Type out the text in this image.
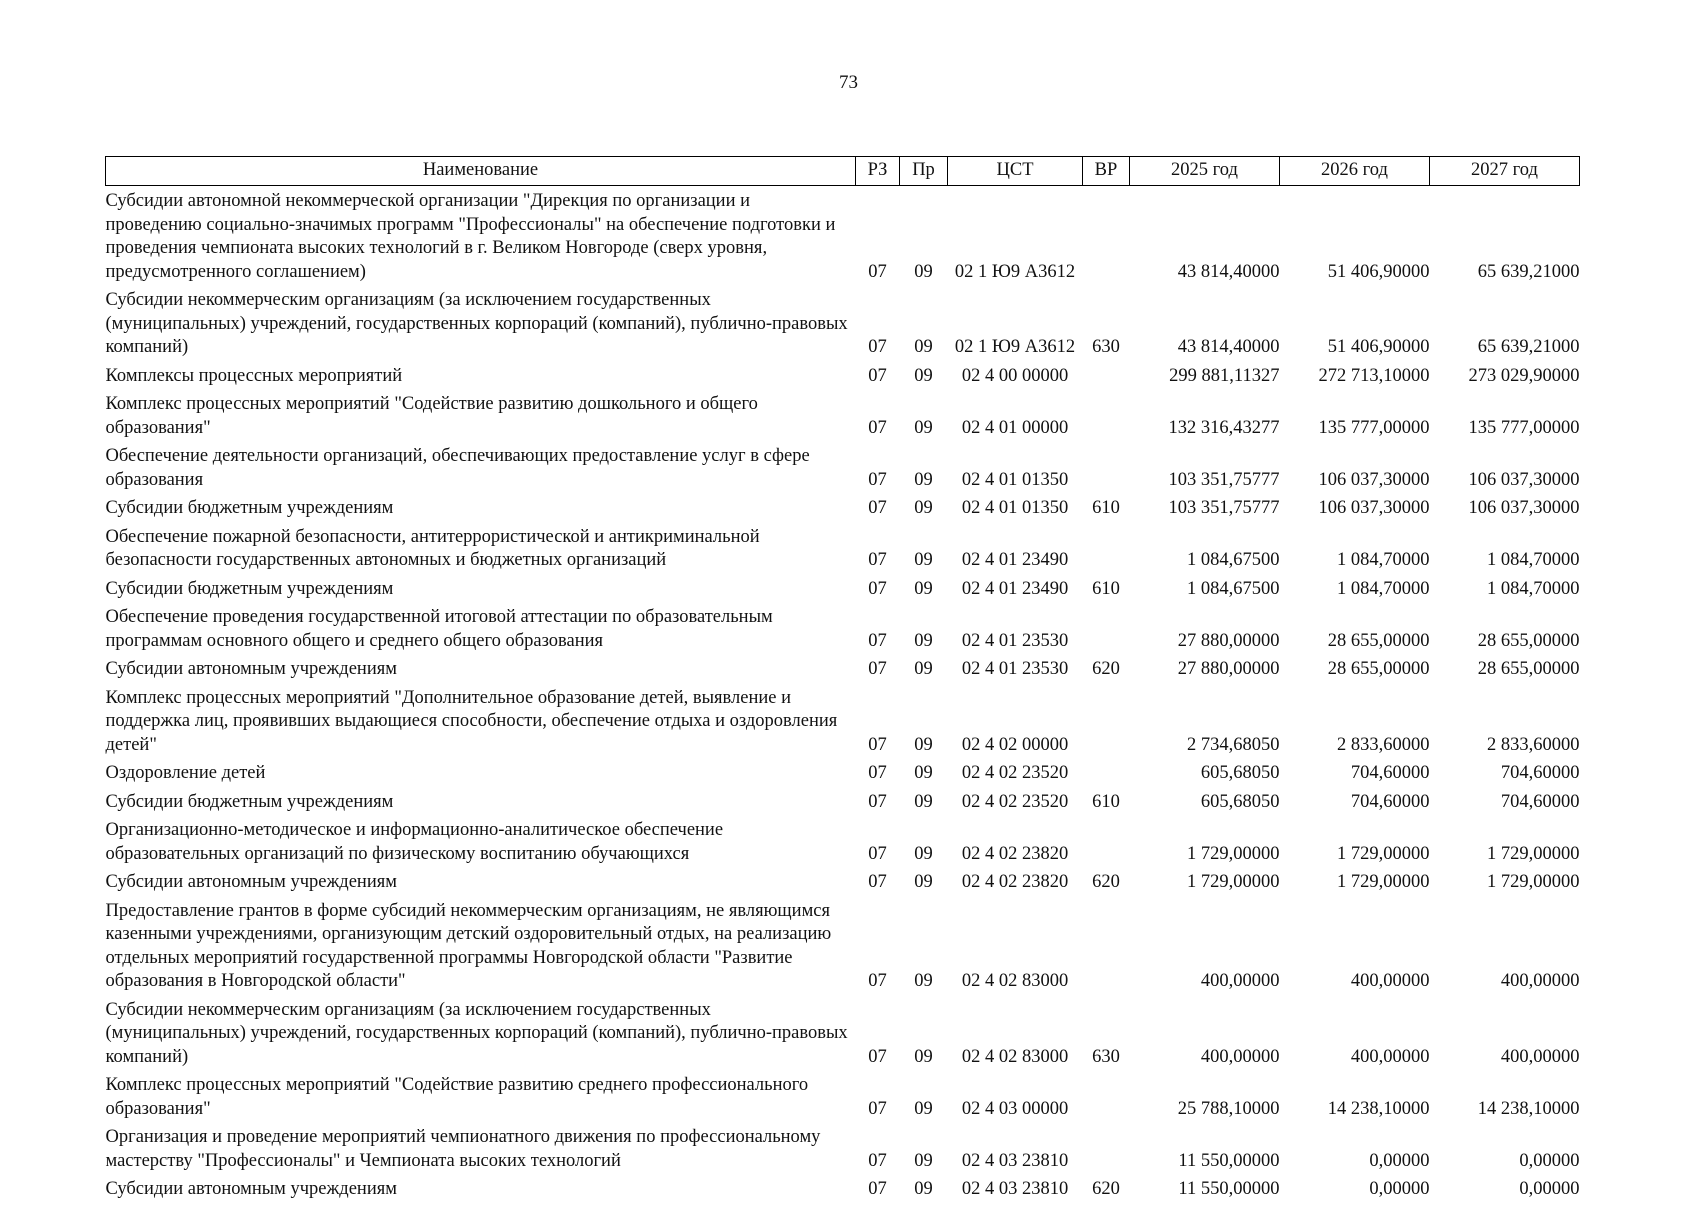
73
Наименование	РЗ	Пр	ЦСТ	ВР	2025 год	2026 год	2027 год
Субсидии автономной некоммерческой организации "Дирекция по организации и проведению социально-значимых программ "Профессионалы" на обеспечение подготовки и проведения чемпионата высоких технологий в г. Великом Новгороде (сверх уровня, предусмотренного соглашением)	07	09	02 1 Ю9 А3612		43 814,40000	51 406,90000	65 639,21000
Субсидии некоммерческим организациям (за исключением государственных (муниципальных) учреждений, государственных корпораций (компаний), публично-правовых компаний)	07	09	02 1 Ю9 А3612	630	43 814,40000	51 406,90000	65 639,21000
Комплексы процессных мероприятий	07	09	02 4 00 00000		299 881,11327	272 713,10000	273 029,90000
Комплекс процессных мероприятий "Содействие развитию дошкольного и общего образования"	07	09	02 4 01 00000		132 316,43277	135 777,00000	135 777,00000
Обеспечение деятельности организаций, обеспечивающих предоставление услуг в сфере образования	07	09	02 4 01 01350		103 351,75777	106 037,30000	106 037,30000
Субсидии бюджетным учреждениям	07	09	02 4 01 01350	610	103 351,75777	106 037,30000	106 037,30000
Обеспечение пожарной безопасности, антитеррористической и антикриминальной безопасности государственных автономных и бюджетных организаций	07	09	02 4 01 23490		1 084,67500	1 084,70000	1 084,70000
Субсидии бюджетным учреждениям	07	09	02 4 01 23490	610	1 084,67500	1 084,70000	1 084,70000
Обеспечение проведения государственной итоговой аттестации по образовательным программам основного общего и среднего общего образования	07	09	02 4 01 23530		27 880,00000	28 655,00000	28 655,00000
Субсидии автономным учреждениям	07	09	02 4 01 23530	620	27 880,00000	28 655,00000	28 655,00000
Комплекс процессных мероприятий "Дополнительное образование детей, выявление и поддержка лиц, проявивших выдающиеся способности, обеспечение отдыха и оздоровления детей"	07	09	02 4 02 00000		2 734,68050	2 833,60000	2 833,60000
Оздоровление детей	07	09	02 4 02 23520		605,68050	704,60000	704,60000
Субсидии бюджетным учреждениям	07	09	02 4 02 23520	610	605,68050	704,60000	704,60000
Организационно-методическое и информационно-аналитическое обеспечение образовательных организаций по физическому воспитанию обучающихся	07	09	02 4 02 23820		1 729,00000	1 729,00000	1 729,00000
Субсидии автономным учреждениям	07	09	02 4 02 23820	620	1 729,00000	1 729,00000	1 729,00000
Предоставление грантов в форме субсидий некоммерческим организациям, не являющимся казенными учреждениями, организующим детский оздоровительный отдых, на реализацию отдельных мероприятий государственной программы Новгородской области "Развитие образования в Новгородской области"	07	09	02 4 02 83000		400,00000	400,00000	400,00000
Субсидии некоммерческим организациям (за исключением государственных (муниципальных) учреждений, государственных корпораций (компаний), публично-правовых компаний)	07	09	02 4 02 83000	630	400,00000	400,00000	400,00000
Комплекс процессных мероприятий "Содействие развитию среднего профессионального образования"	07	09	02 4 03 00000		25 788,10000	14 238,10000	14 238,10000
Организация и проведение мероприятий чемпионатного движения по профессиональному мастерству "Профессионалы" и Чемпионата высоких технологий	07	09	02 4 03 23810		11 550,00000	0,00000	0,00000
Субсидии автономным учреждениям	07	09	02 4 03 23810	620	11 550,00000	0,00000	0,00000
